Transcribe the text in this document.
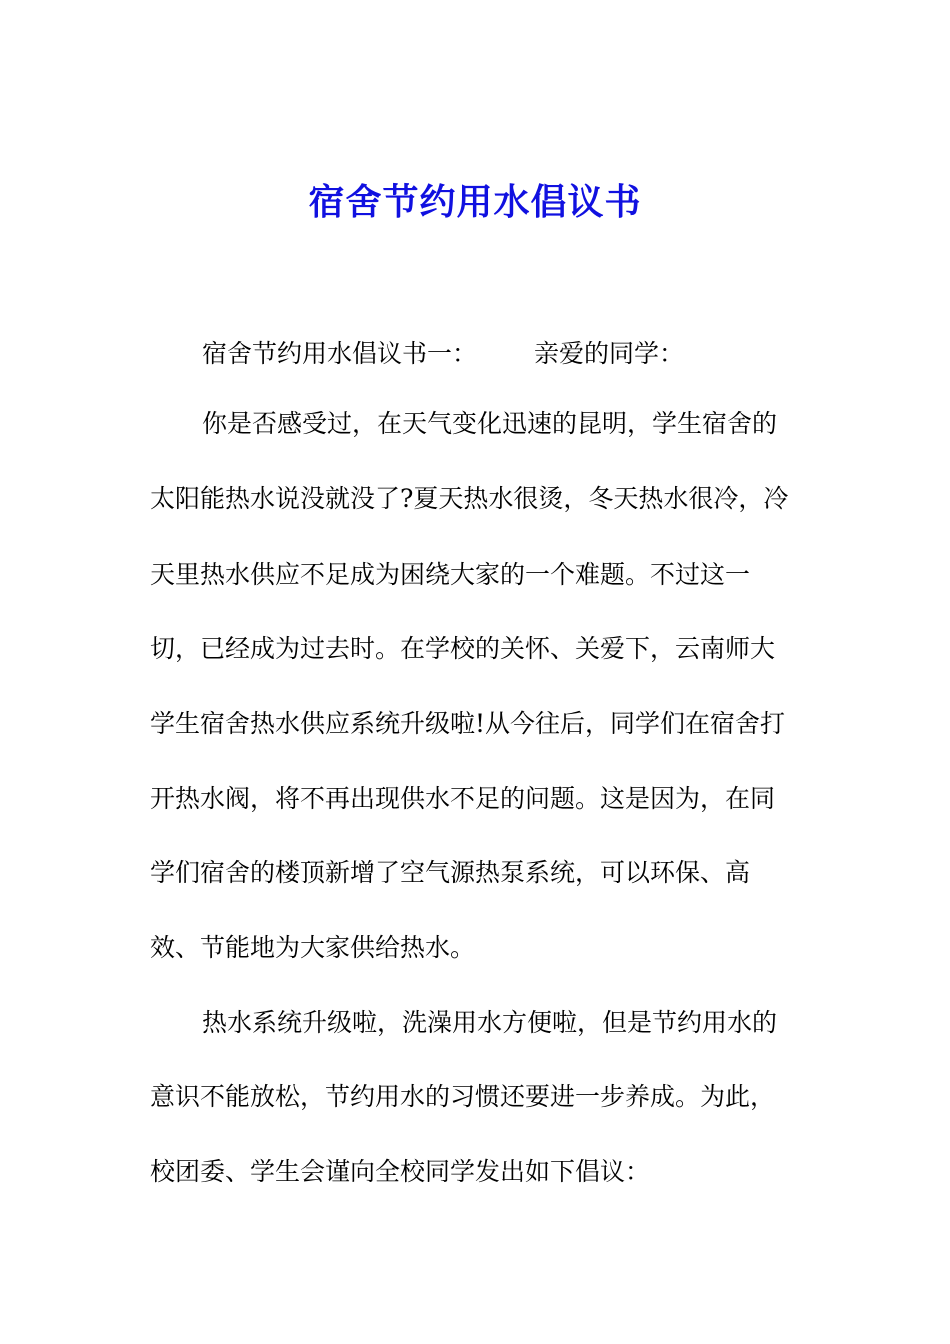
宿舍节约用水倡议书
宿舍节约用水倡议书一： 亲爱的同学：
你是否感受过，在天气变化迅速的昆明，学生宿舍的
太阳能热水说没就没了?夏天热水很烫，冬天热水很冷，冷
天里热水供应不足成为困绕大家的一个难题。不过这一
切，已经成为过去时。在学校的关怀、关爱下，云南师大
学生宿舍热水供应系统升级啦!从今往后，同学们在宿舍打
开热水阀，将不再出现供水不足的问题。这是因为，在同
学们宿舍的楼顶新增了空气源热泵系统，可以环保、高
效、节能地为大家供给热水。
热水系统升级啦，洗澡用水方便啦，但是节约用水的
意识不能放松，节约用水的习惯还要进一步养成。为此，
校团委、学生会谨向全校同学发出如下倡议：
